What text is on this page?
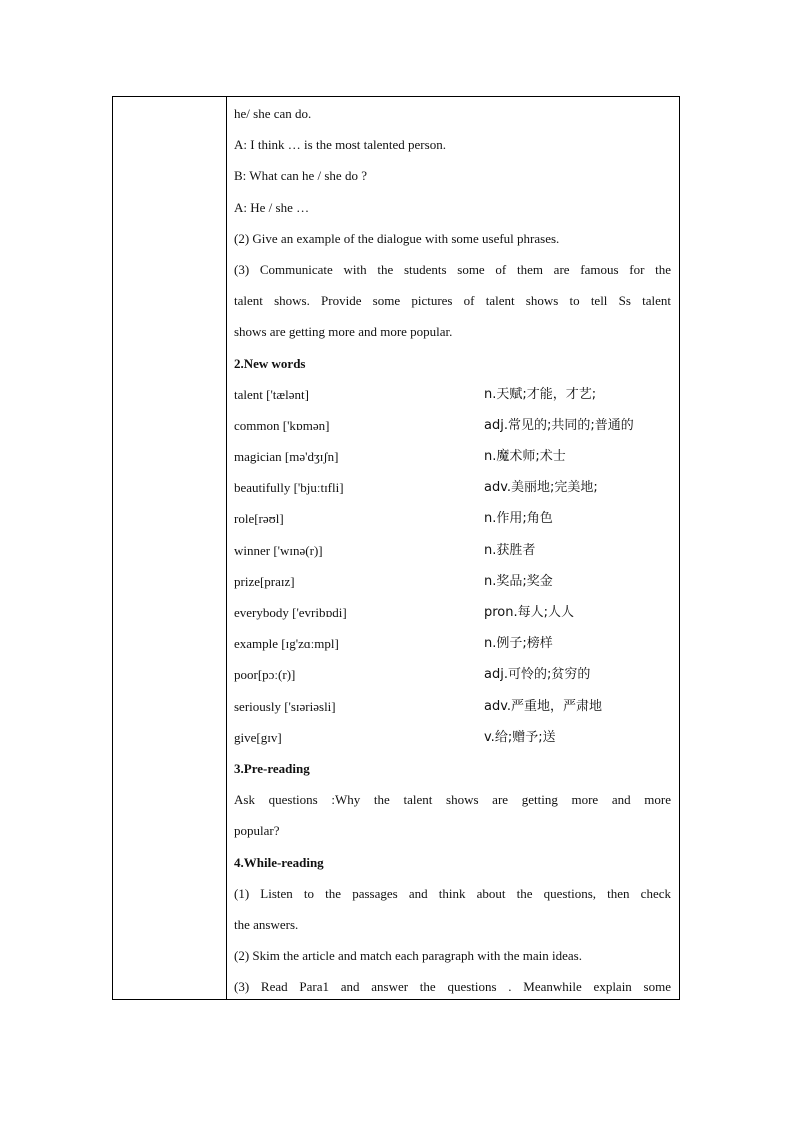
he/ she can do.
A: I think … is the most talented person.
B: What can he / she do ?
A: He / she …
(2) Give an example of the dialogue with some useful phrases.
(3) Communicate with the students some of them are famous for the
talent shows. Provide some pictures of talent shows to tell Ss talent
shows are getting more and more popular.
2.New words
talent ['tælənt]	n.天赋;才能，才艺;
common ['kɒmən]	adj.常见的;共同的;普通的
magician [mə'dʒɪʃn]	n.魔术师;术士
beautifully ['bjuːtɪfli]	adv.美丽地;完美地;
role[rəʊl]	n.作用;角色
winner ['wɪnə(r)]	n.获胜者
prize[praɪz]	n.奖品;奖金
everybody ['evribɒdi]	pron.每人;人人
example [ɪg'zɑːmpl]	n.例子;榜样
poor[pɔː(r)]	adj.可怜的;贫穷的
seriously ['sɪəriəsli]	adv.严重地，严肃地
give[gɪv]	v.给;赠予;送
3.Pre-reading
Ask questions :Why the talent shows are getting more and more
popular?
4.While-reading
(1) Listen to the passages and think about the questions, then check
the answers.
(2) Skim the article and match each paragraph with the main ideas.
(3) Read Para1 and answer the questions . Meanwhile explain some
